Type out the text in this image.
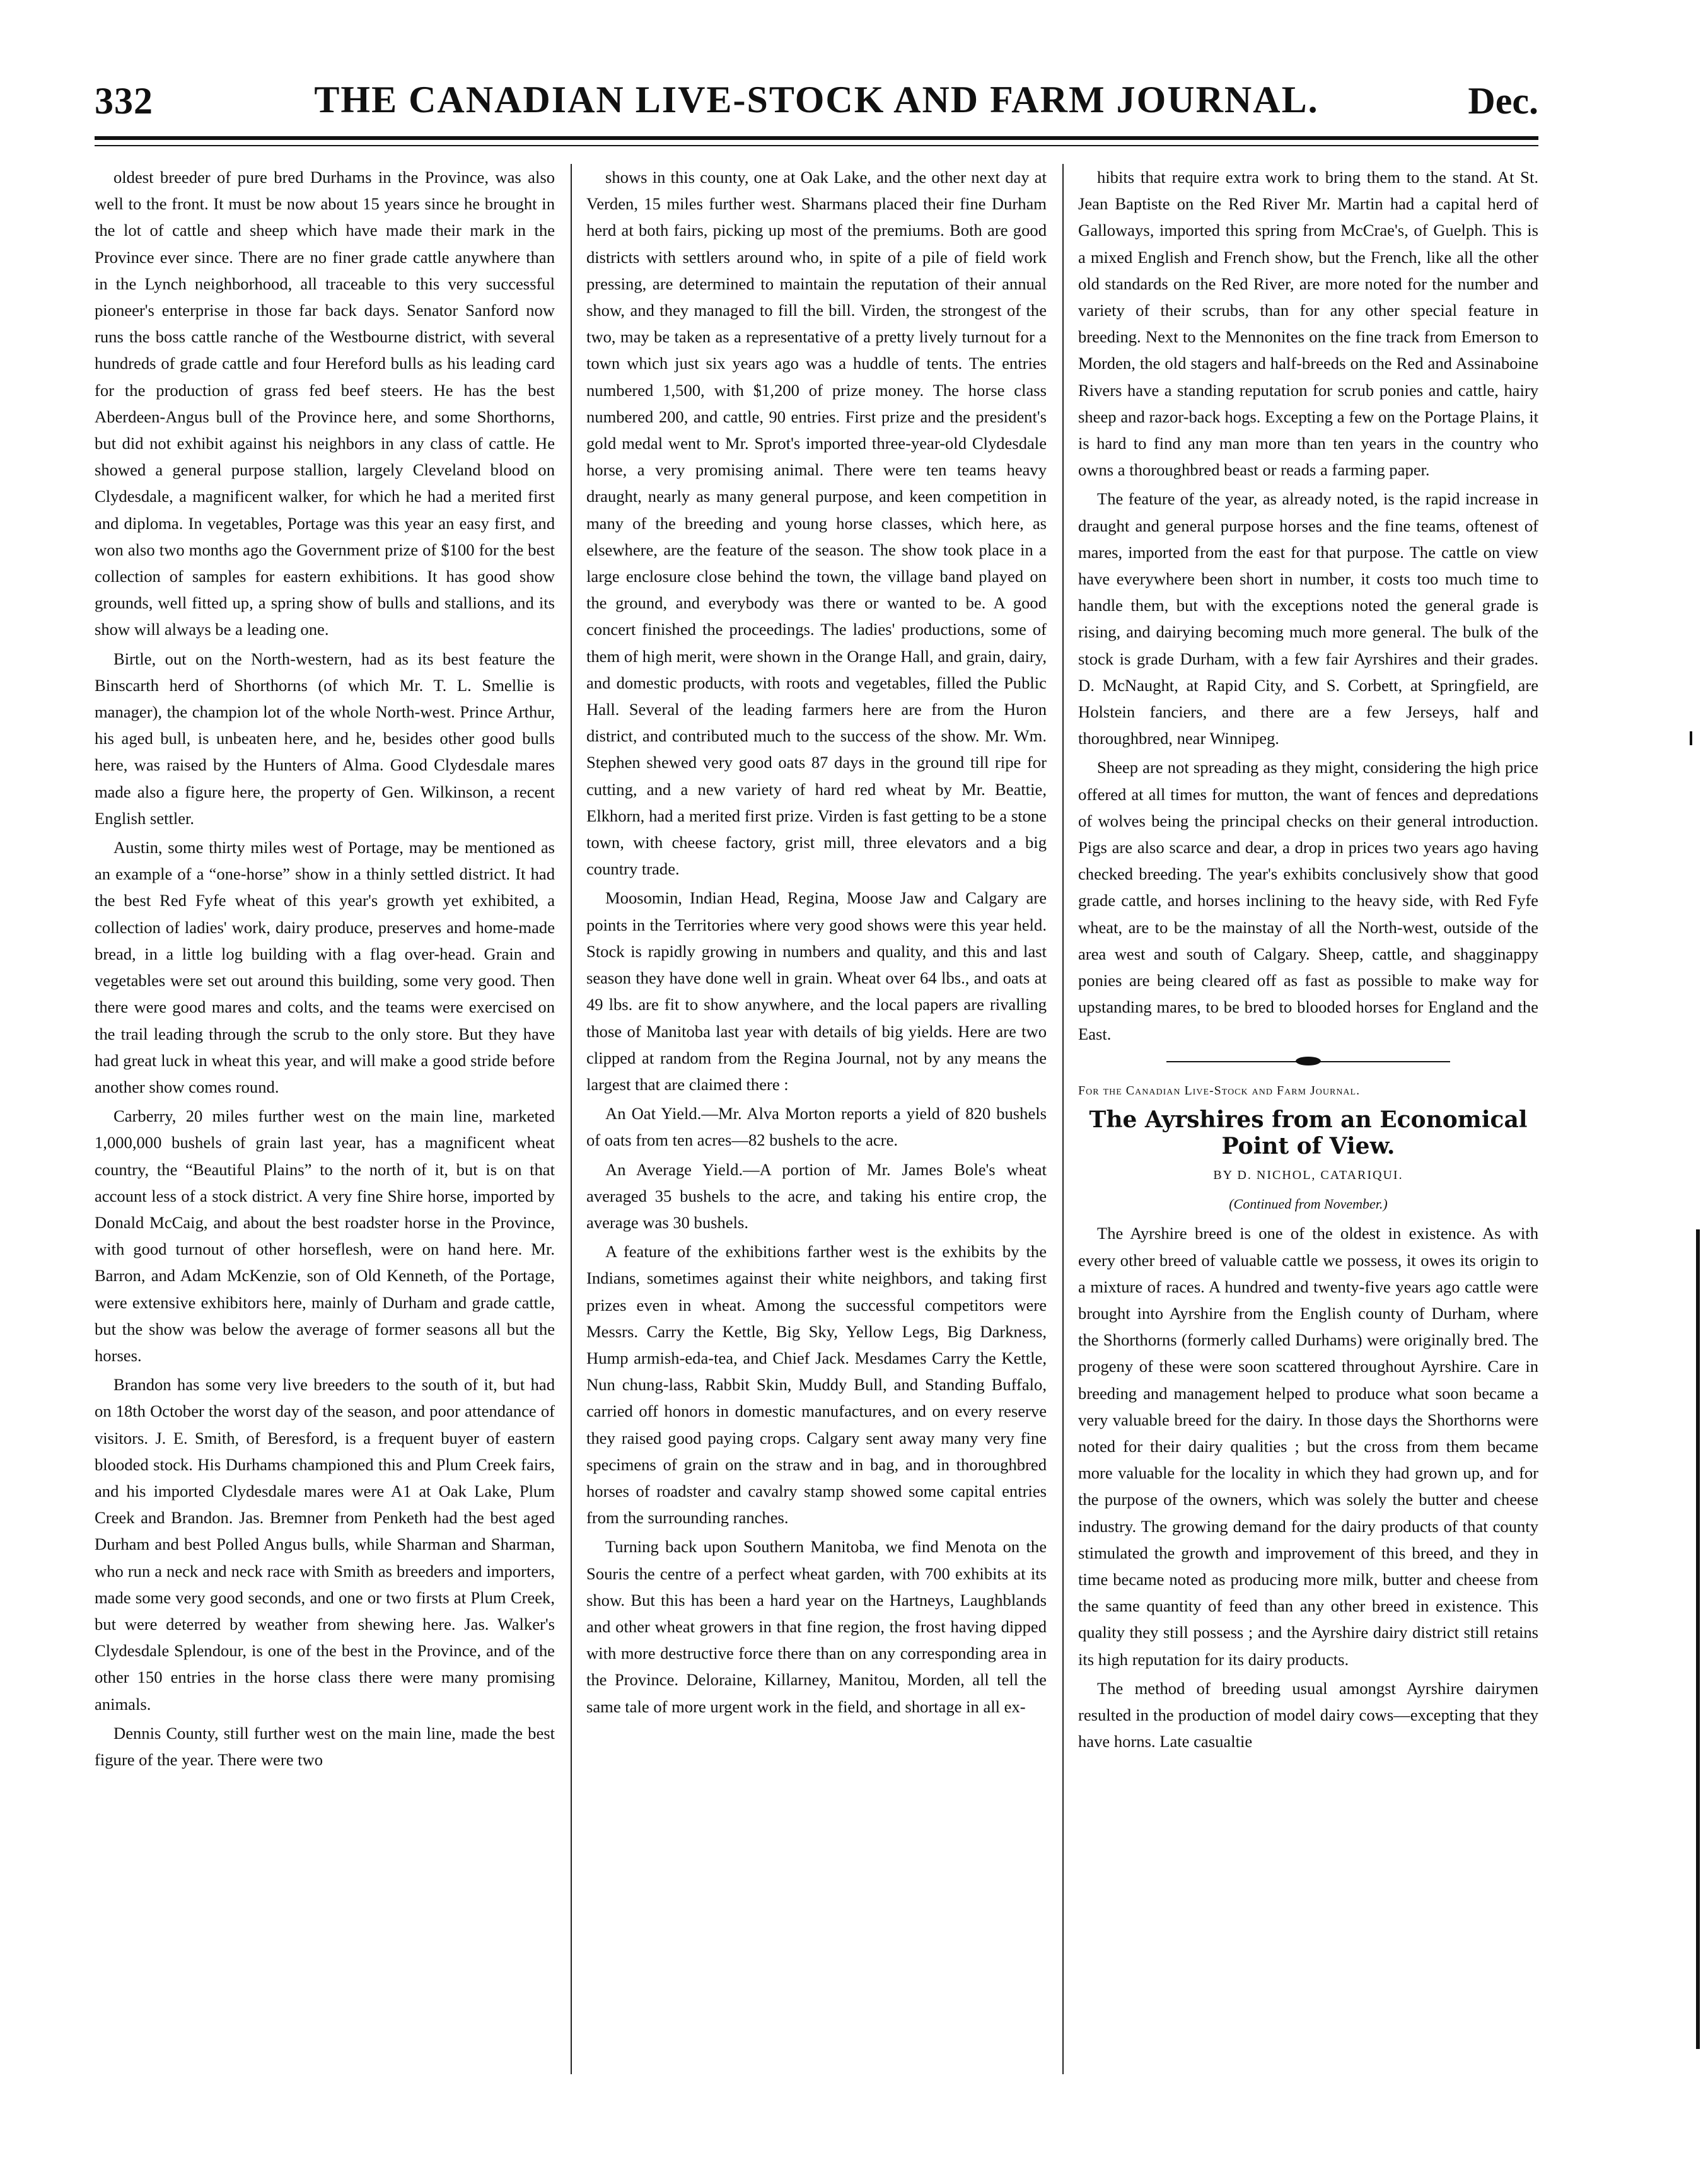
332	THE CANADIAN LIVE-STOCK AND FARM JOURNAL.	Dec.

oldest breeder of pure bred Durhams in the Province, was also well to the front. It must be now about 15 years since he brought in the lot of cattle and sheep which have made their mark in the Province ever since. There are no finer grade cattle anywhere than in the Lynch neighborhood, all traceable to this very successful pioneer's enterprise in those far back days. Senator Sanford now runs the boss cattle ranche of the Westbourne district, with several hundreds of grade cattle and four Hereford bulls as his leading card for the production of grass fed beef steers. He has the best Aberdeen-Angus bull of the Province here, and some Shorthorns, but did not exhibit against his neighbors in any class of cattle. He showed a general purpose stallion, largely Cleveland blood on Clydesdale, a magnificent walker, for which he had a merited first and diploma. In vegetables, Portage was this year an easy first, and won also two months ago the Government prize of $100 for the best collection of samples for eastern exhibitions. It has good show grounds, well fitted up, a spring show of bulls and stallions, and its show will always be a leading one.

Birtle, out on the North-western, had as its best feature the Binscarth herd of Shorthorns (of which Mr. T. L. Smellie is manager), the champion lot of the whole North-west. Prince Arthur, his aged bull, is unbeaten here, and he, besides other good bulls here, was raised by the Hunters of Alma. Good Clydesdale mares made also a figure here, the property of Gen. Wilkinson, a recent English settler.

Austin, some thirty miles west of Portage, may be mentioned as an example of a “one-horse” show in a thinly settled district. It had the best Red Fyfe wheat of this year's growth yet exhibited, a collection of ladies' work, dairy produce, preserves and home-made bread, in a little log building with a flag over-head. Grain and vegetables were set out around this building, some very good. Then there were good mares and colts, and the teams were exercised on the trail leading through the scrub to the only store. But they have had great luck in wheat this year, and will make a good stride before another show comes round.

Carberry, 20 miles further west on the main line, marketed 1,000,000 bushels of grain last year, has a magnificent wheat country, the “Beautiful Plains” to the north of it, but is on that account less of a stock district. A very fine Shire horse, imported by Donald McCaig, and about the best roadster horse in the Province, with good turnout of other horseflesh, were on hand here. Mr. Barron, and Adam McKenzie, son of Old Kenneth, of the Portage, were extensive exhibitors here, mainly of Durham and grade cattle, but the show was below the average of former seasons all but the horses.

Brandon has some very live breeders to the south of it, but had on 18th October the worst day of the season, and poor attendance of visitors. J. E. Smith, of Beresford, is a frequent buyer of eastern blooded stock. His Durhams championed this and Plum Creek fairs, and his imported Clydesdale mares were A1 at Oak Lake, Plum Creek and Brandon. Jas. Bremner from Penketh had the best aged Durham and best Polled Angus bulls, while Sharman and Sharman, who run a neck and neck race with Smith as breeders and importers, made some very good seconds, and one or two firsts at Plum Creek, but were deterred by weather from shewing here. Jas. Walker's Clydesdale Splendour, is one of the best in the Province, and of the other 150 entries in the horse class there were many promising animals.

Dennis County, still further west on the main line, made the best figure of the year. There were two

shows in this county, one at Oak Lake, and the other next day at Verden, 15 miles further west. Sharmans placed their fine Durham herd at both fairs, picking up most of the premiums. Both are good districts with settlers around who, in spite of a pile of field work pressing, are determined to maintain the reputation of their annual show, and they managed to fill the bill. Virden, the strongest of the two, may be taken as a representative of a pretty lively turnout for a town which just six years ago was a huddle of tents. The entries numbered 1,500, with $1,200 of prize money. The horse class numbered 200, and cattle, 90 entries. First prize and the president's gold medal went to Mr. Sprot's imported three-year-old Clydesdale horse, a very promising animal. There were ten teams heavy draught, nearly as many general purpose, and keen competition in many of the breeding and young horse classes, which here, as elsewhere, are the feature of the season. The show took place in a large enclosure close behind the town, the village band played on the ground, and everybody was there or wanted to be. A good concert finished the proceedings. The ladies' productions, some of them of high merit, were shown in the Orange Hall, and grain, dairy, and domestic products, with roots and vegetables, filled the Public Hall. Several of the leading farmers here are from the Huron district, and contributed much to the success of the show. Mr. Wm. Stephen shewed very good oats 87 days in the ground till ripe for cutting, and a new variety of hard red wheat by Mr. Beattie, Elkhorn, had a merited first prize. Virden is fast getting to be a stone town, with cheese factory, grist mill, three elevators and a big country trade.

Moosomin, Indian Head, Regina, Moose Jaw and Calgary are points in the Territories where very good shows were this year held. Stock is rapidly growing in numbers and quality, and this and last season they have done well in grain. Wheat over 64 lbs., and oats at 49 lbs. are fit to show anywhere, and the local papers are rivalling those of Manitoba last year with details of big yields. Here are two clipped at random from the Regina Journal, not by any means the largest that are claimed there :

An Oat Yield.—Mr. Alva Morton reports a yield of 820 bushels of oats from ten acres—82 bushels to the acre.

An Average Yield.—A portion of Mr. James Bole's wheat averaged 35 bushels to the acre, and taking his entire crop, the average was 30 bushels.

A feature of the exhibitions farther west is the exhibits by the Indians, sometimes against their white neighbors, and taking first prizes even in wheat. Among the successful competitors were Messrs. Carry the Kettle, Big Sky, Yellow Legs, Big Darkness, Hump armish-eda-tea, and Chief Jack. Mesdames Carry the Kettle, Nun chung-lass, Rabbit Skin, Muddy Bull, and Standing Buffalo, carried off honors in domestic manufactures, and on every reserve they raised good paying crops. Calgary sent away many very fine specimens of grain on the straw and in bag, and in thoroughbred horses of roadster and cavalry stamp showed some capital entries from the surrounding ranches.

Turning back upon Southern Manitoba, we find Menota on the Souris the centre of a perfect wheat garden, with 700 exhibits at its show. But this has been a hard year on the Hartneys, Laughblands and other wheat growers in that fine region, the frost having dipped with more destructive force there than on any corresponding area in the Province. Deloraine, Killarney, Manitou, Morden, all tell the same tale of more urgent work in the field, and shortage in all ex-

hibits that require extra work to bring them to the stand. At St. Jean Baptiste on the Red River Mr. Martin had a capital herd of Galloways, imported this spring from McCrae's, of Guelph. This is a mixed English and French show, but the French, like all the other old standards on the Red River, are more noted for the number and variety of their scrubs, than for any other special feature in breeding. Next to the Mennonites on the fine track from Emerson to Morden, the old stagers and half-breeds on the Red and Assinaboine Rivers have a standing reputation for scrub ponies and cattle, hairy sheep and razor-back hogs. Excepting a few on the Portage Plains, it is hard to find any man more than ten years in the country who owns a thoroughbred beast or reads a farming paper.

The feature of the year, as already noted, is the rapid increase in draught and general purpose horses and the fine teams, oftenest of mares, imported from the east for that purpose. The cattle on view have everywhere been short in number, it costs too much time to handle them, but with the exceptions noted the general grade is rising, and dairying becoming much more general. The bulk of the stock is grade Durham, with a few fair Ayrshires and their grades. D. McNaught, at Rapid City, and S. Corbett, at Springfield, are Holstein fanciers, and there are a few Jerseys, half and thoroughbred, near Winnipeg.

Sheep are not spreading as they might, considering the high price offered at all times for mutton, the want of fences and depredations of wolves being the principal checks on their general introduction. Pigs are also scarce and dear, a drop in prices two years ago having checked breeding. The year's exhibits conclusively show that good grade cattle, and horses inclining to the heavy side, with Red Fyfe wheat, are to be the mainstay of all the North-west, outside of the area west and south of Calgary. Sheep, cattle, and shagginappy ponies are being cleared off as fast as possible to make way for upstanding mares, to be bred to blooded horses for England and the East.

For the Canadian Live-Stock and Farm Journal.

The Ayrshires from an Economical Point of View.

BY D. NICHOL, CATARIQUI.

(Continued from November.)

The Ayrshire breed is one of the oldest in existence. As with every other breed of valuable cattle we possess, it owes its origin to a mixture of races. A hundred and twenty-five years ago cattle were brought into Ayrshire from the English county of Durham, where the Shorthorns (formerly called Durhams) were originally bred. The progeny of these were soon scattered throughout Ayrshire. Care in breeding and management helped to produce what soon became a very valuable breed for the dairy. In those days the Shorthorns were noted for their dairy qualities ; but the cross from them became more valuable for the locality in which they had grown up, and for the purpose of the owners, which was solely the butter and cheese industry. The growing demand for the dairy products of that county stimulated the growth and improvement of this breed, and they in time became noted as producing more milk, butter and cheese from the same quantity of feed than any other breed in existence. This quality they still possess ; and the Ayrshire dairy district still retains its high reputation for its dairy products.

The method of breeding usual amongst Ayrshire dairymen resulted in the production of model dairy cows—excepting that they have horns. Late casualtie
